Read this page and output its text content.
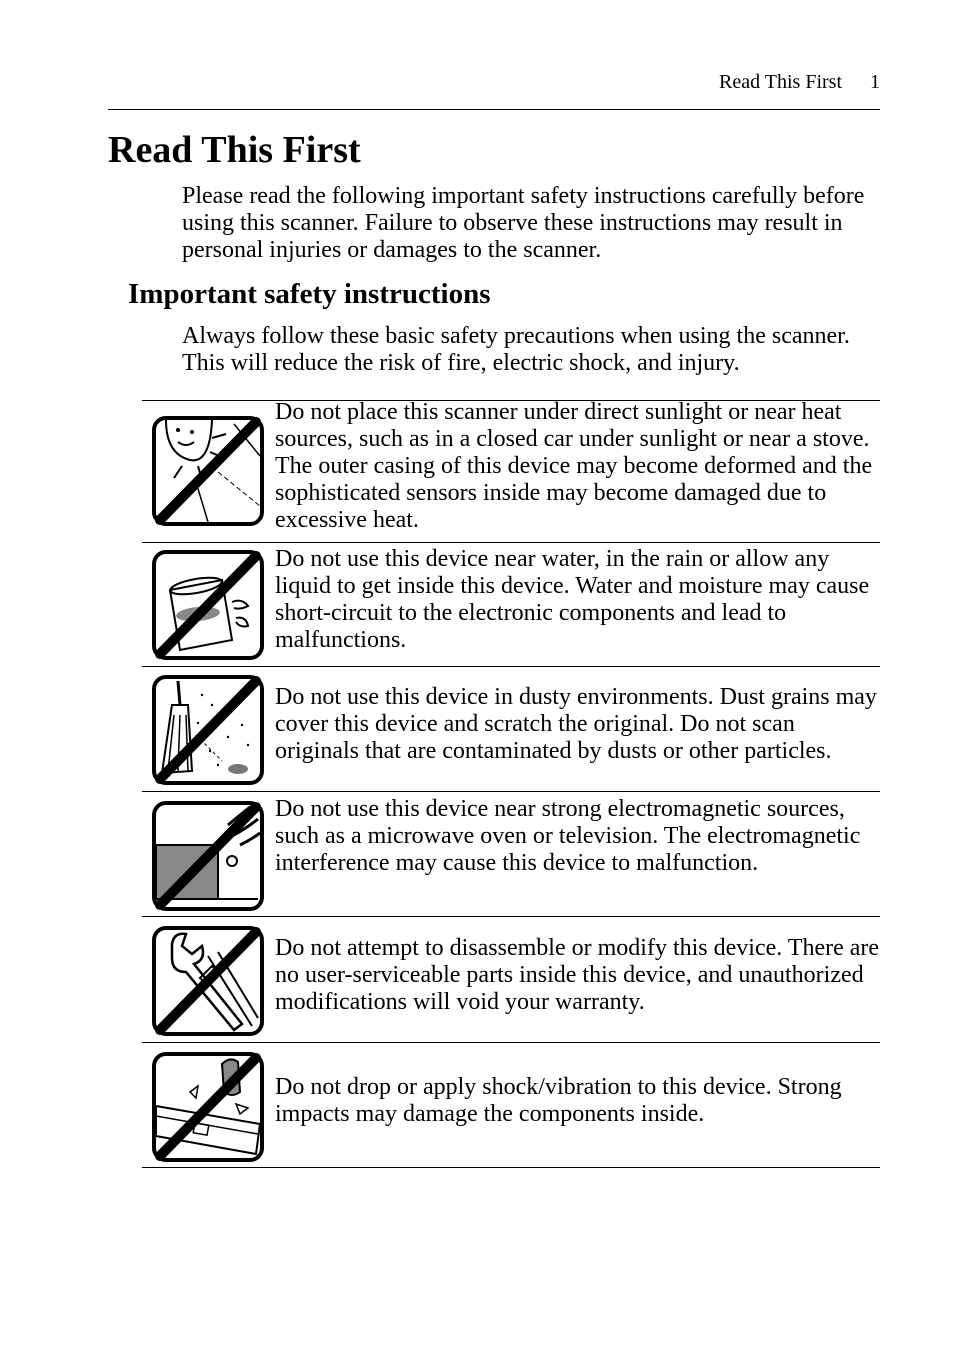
Read This First 1
Read This First

Please read the following important safety instructions carefully before using this scanner. Failure to observe these instructions may result in personal injuries or damages to the scanner.

Important safety instructions

Always follow these basic safety precautions when using the scanner. This will reduce the risk of fire, electric shock, and injury.

Do not place this scanner under direct sunlight or near heat sources, such as in a closed car under sunlight or near a stove. The outer casing of this device may become deformed and the sophisticated sensors inside may become damaged due to excessive heat.

Do not use this device near water, in the rain or allow any liquid to get inside this device. Water and moisture may cause short-circuit to the electronic components and lead to malfunctions.

Do not use this device in dusty environments. Dust grains may cover this device and scratch the original. Do not scan originals that are contaminated by dusts or other particles.

Do not use this device near strong electromagnetic sources, such as a microwave oven or television. The electromagnetic interference may cause this device to malfunction.

Do not attempt to disassemble or modify this device. There are no user-serviceable parts inside this device, and unauthorized modifications will void your warranty.

Do not drop or apply shock/vibration to this device. Strong impacts may damage the components inside.
